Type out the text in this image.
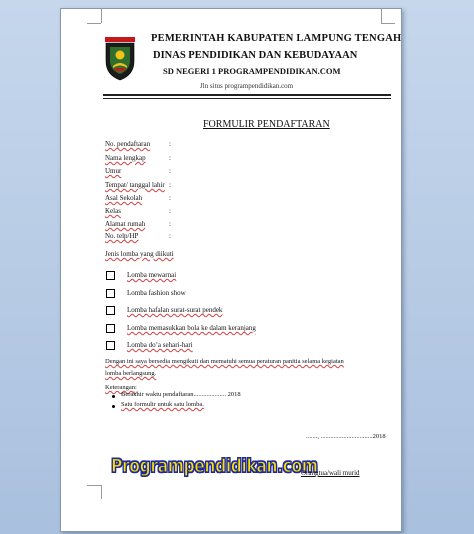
LAMPUNG TENGAH
PEMERINTAH KABUPATEN LAMPUNG TENGAH
DINAS PENDIDIKAN DAN KEBUDAYAAN
SD NEGERI 1 PROGRAMPENDIDIKAN.COM
Jln situs programpendidikan.com
FORMULIR PENDAFTARAN
No. pendaftaran	:
Nama lengkap	:
Umur	:
Tempat/ tanggal lahir :
Asal Sekolah	:
Kelas	:
Alamat rumah	:
No. telp/HP	:
Jenis lomba yang diikuti
Lomba mewarnai
Lomba fashion show
Lomba hafalan surat-surat pendek
Lomba memasukkan bola ke dalam keranjang
Lomba do’a sehari-hari
Dengan ini saya bersedia mengikuti dan mematuhi semua peraturan panitia selama kegiatan
lomba berlangsung.
Keterangan:
Berakhir waktu pendaftaran.................... 2018
Satu formulir untuk satu lomba.
......., ................................2018
Programpendidikan.com
Orangtua/wali murid
